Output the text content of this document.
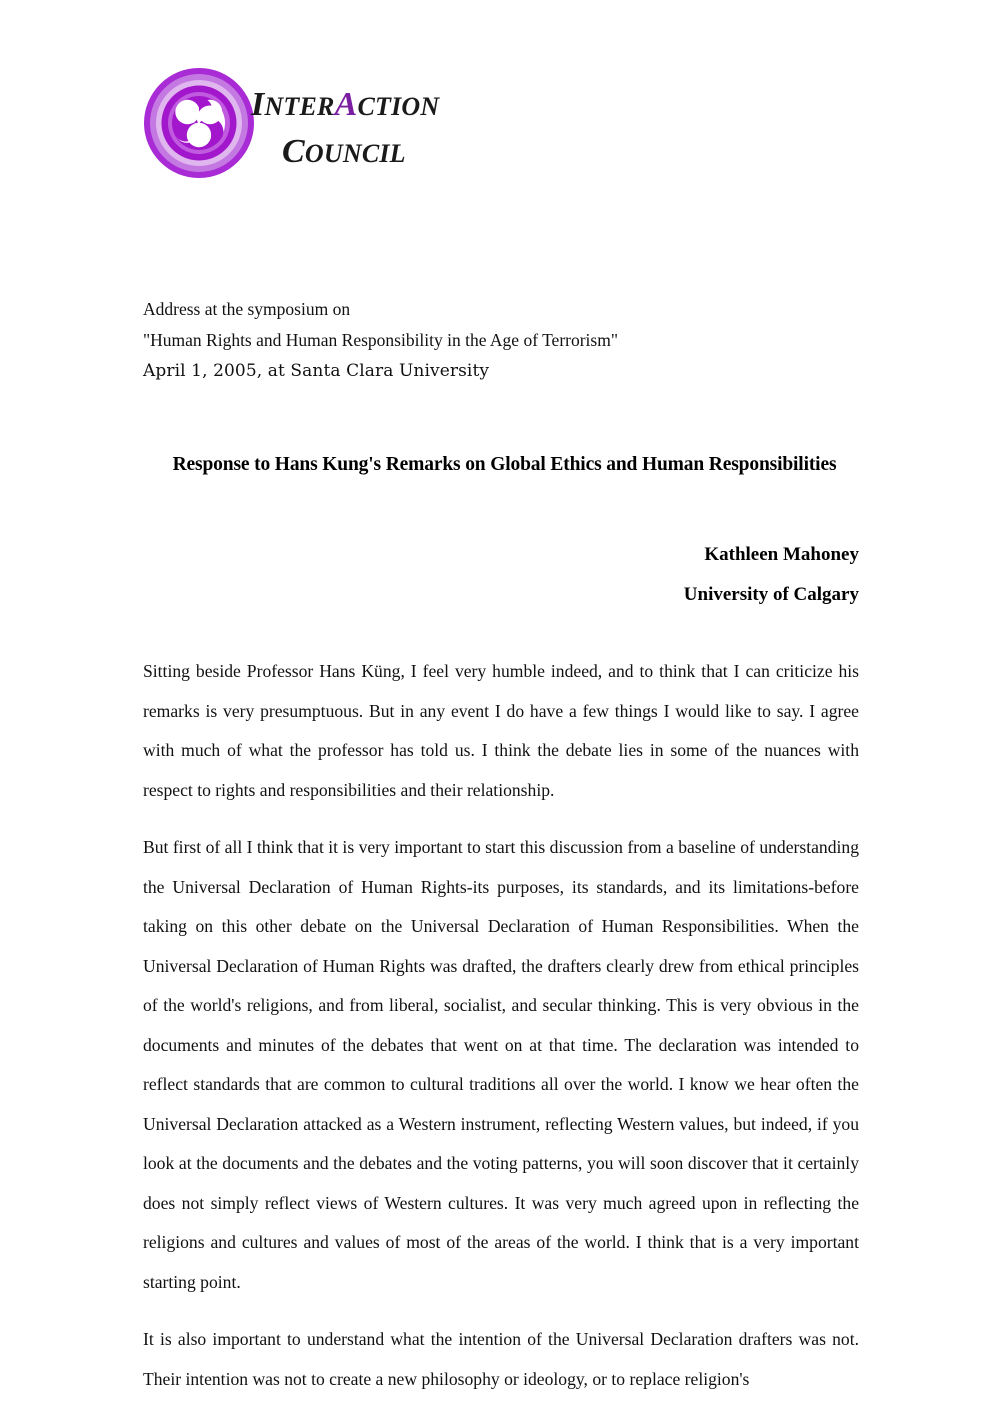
INTERACTION
COUNCIL
Address at the symposium on
"Human Rights and Human Responsibility in the Age of Terrorism"
April 1, 2005, at Santa Clara University
Response to Hans Kung's Remarks on Global Ethics and Human Responsibilities
Kathleen Mahoney
University of Calgary

Sitting beside Professor Hans Küng, I feel very humble indeed, and to think that I can criticize his remarks is very presumptuous. But in any event I do have a few things I would like to say. I agree with much of what the professor has told us. I think the debate lies in some of the nuances with respect to rights and responsibilities and their relationship.

But first of all I think that it is very important to start this discussion from a baseline of understanding the Universal Declaration of Human Rights-its purposes, its standards, and its limitations-before taking on this other debate on the Universal Declaration of Human Responsibilities. When the Universal Declaration of Human Rights was drafted, the drafters clearly drew from ethical principles of the world's religions, and from liberal, socialist, and secular thinking. This is very obvious in the documents and minutes of the debates that went on at that time. The declaration was intended to reflect standards that are common to cultural traditions all over the world. I know we hear often the Universal Declaration attacked as a Western instrument, reflecting Western values, but indeed, if you look at the documents and the debates and the voting patterns, you will soon discover that it certainly does not simply reflect views of Western cultures. It was very much agreed upon in reflecting the religions and cultures and values of most of the areas of the world. I think that is a very important starting point.

It is also important to understand what the intention of the Universal Declaration drafters was not. Their intention was not to create a new philosophy or ideology, or to replace religion's
